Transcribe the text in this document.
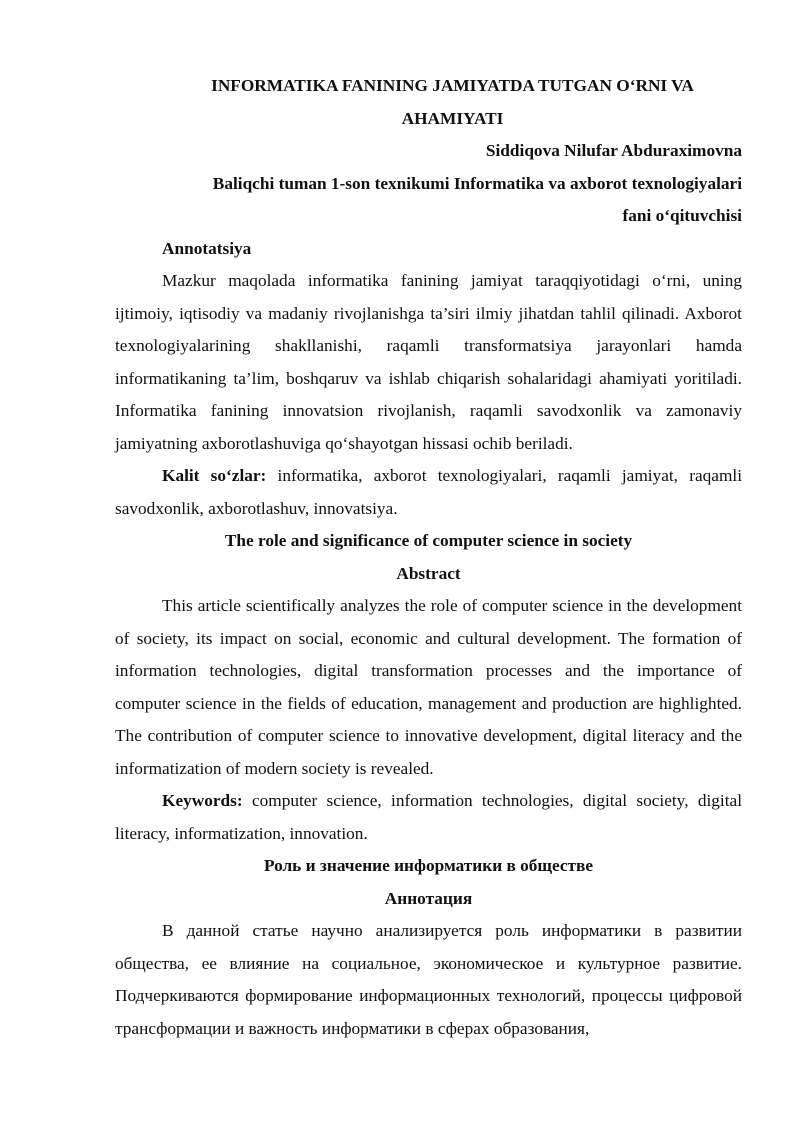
INFORMATIKA FANINING JAMIYATDA TUTGAN O‘RNI VA
AHAMIYATI

Siddiqova Nilufar Abduraximovna

Baliqchi tuman 1-son texnikumi Informatika va axborot texnologiyalari
fani o‘qituvchisi

Annotatsiya

Mazkur maqolada informatika fanining jamiyat taraqqiyotidagi o‘rni, uning ijtimoiy, iqtisodiy va madaniy rivojlanishga ta’siri ilmiy jihatdan tahlil qilinadi. Axborot texnologiyalarining shakllanishi, raqamli transformatsiya jarayonlari hamda informatikaning ta’lim, boshqaruv va ishlab chiqarish sohalaridagi ahamiyati yoritiladi. Informatika fanining innovatsion rivojlanish, raqamli savodxonlik va zamonaviy jamiyatning axborotlashuviga qo‘shayotgan hissasi ochib beriladi.

Kalit so‘zlar: informatika, axborot texnologiyalari, raqamli jamiyat, raqamli savodxonlik, axborotlashuv, innovatsiya.

The role and significance of computer science in society

Abstract

This article scientifically analyzes the role of computer science in the development of society, its impact on social, economic and cultural development. The formation of information technologies, digital transformation processes and the importance of computer science in the fields of education, management and production are highlighted. The contribution of computer science to innovative development, digital literacy and the informatization of modern society is revealed.

Keywords: computer science, information technologies, digital society, digital literacy, informatization, innovation.

Роль и значение информатики в обществе

Аннотация

В данной статье научно анализируется роль информатики в развитии общества, ее влияние на социальное, экономическое и культурное развитие. Подчеркиваются формирование информационных технологий, процессы цифровой трансформации и важность информатики в сферах образования,
